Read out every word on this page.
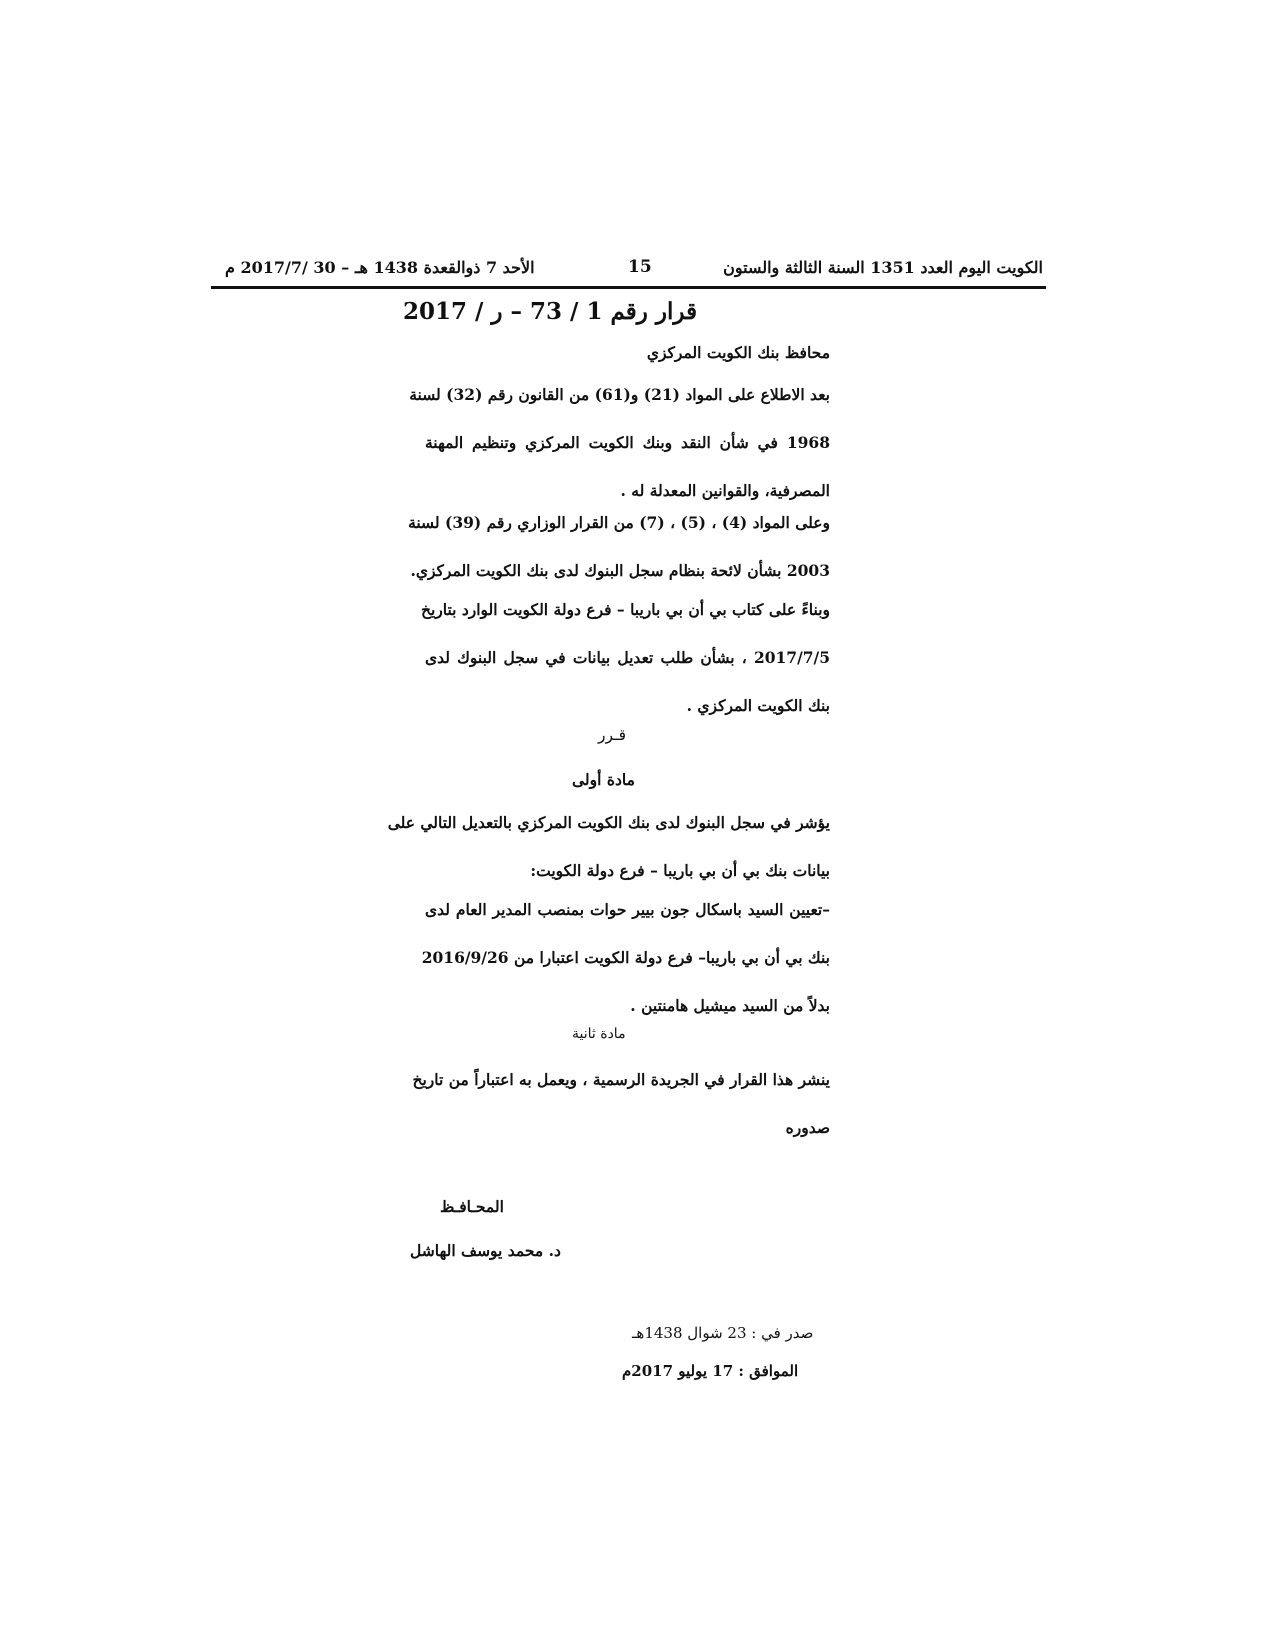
الكويت اليوم العدد 1351 السنة الثالثة والستون
15
الأحد 7 ذوالقعدة 1438 هـ – 30 /2017/7 م
قرار رقم 1 / 73 – ر / 2017
محافظ بنك الكويت المركزي
بعد الاطلاع على المواد (21) و(61) من القانون رقم (32) لسنة
1968 في شأن النقد وبنك الكويت المركزي وتنظيم المهنة
المصرفية، والقوانين المعدلة له .
وعلى المواد (4) ، (5) ، (7) من القرار الوزاري رقم (39) لسنة
2003 بشأن لائحة بنظام سجل البنوك لدى بنك الكويت المركزي.
وبناءً على كتاب بي أن بي باريبا – فرع دولة الكويت الوارد بتاريخ
2017/7/5 ، بشأن طلب تعديل بيانات في سجل البنوك لدى
بنك الكويت المركزي .
قـرر
مادة أولى
يؤشر في سجل البنوك لدى بنك الكويت المركزي بالتعديل التالي على
بيانات بنك بي أن بي باريبا – فرع دولة الكويت:
–تعيين السيد باسكال جون بيير حوات بمنصب المدير العام لدى
بنك بي أن بي باريبا– فرع دولة الكويت اعتبارا من 2016/9/26
بدلاً من السيد ميشيل هامنتين .
مادة ثانية
ينشر هذا القرار في الجريدة الرسمية ، ويعمل به اعتباراً من تاريخ
صدوره
المحـافـظ
د. محمد يوسف الهاشل
صدر في : 23 شوال 1438هـ
الموافق : 17 يوليو 2017م
